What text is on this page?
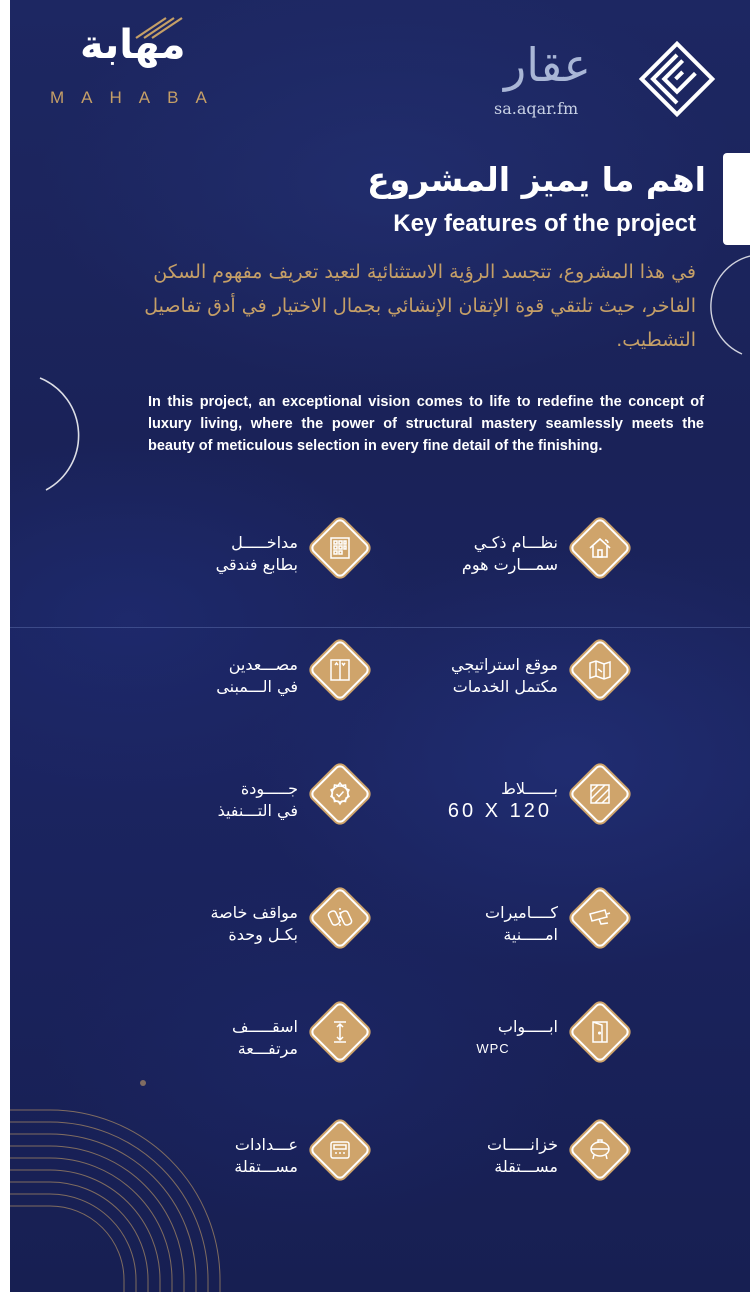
مهابة
MAHABA
عقار
sa.aqar.fm
اهم ما يميز المشروع
Key features of the project
في هذا المشروع، تتجسد الرؤية الاستثنائية لتعيد تعريف مفهوم السكن الفاخر، حيث تلتقي قوة الإتقان الإنشائي بجمال الاختيار في أدق تفاصيل التشطيب.
In this project, an exceptional vision comes to life to redefine the concept of luxury living, where the power of structural mastery seamlessly meets the beauty of meticulous selection in every fine detail of the finishing.
نظـــام ذكـي
سمـــارت هوم
مداخـــــل
بطابع فندقي
موقع استراتيجي
مكتمل الخدمات
مصـــعدين
في الـــمبنى
بــــــلاط
60 X 120
جـــــودة
في التـــنفيذ
كــــاميرات
امـــــنية
مواقف خاصة
بكـل وحدة
ابـــــواب
WPC
اسقـــــف
مرتفـــعة
خزانـــــات
مســـتقلة
عـــدادات
مســـتقلة
